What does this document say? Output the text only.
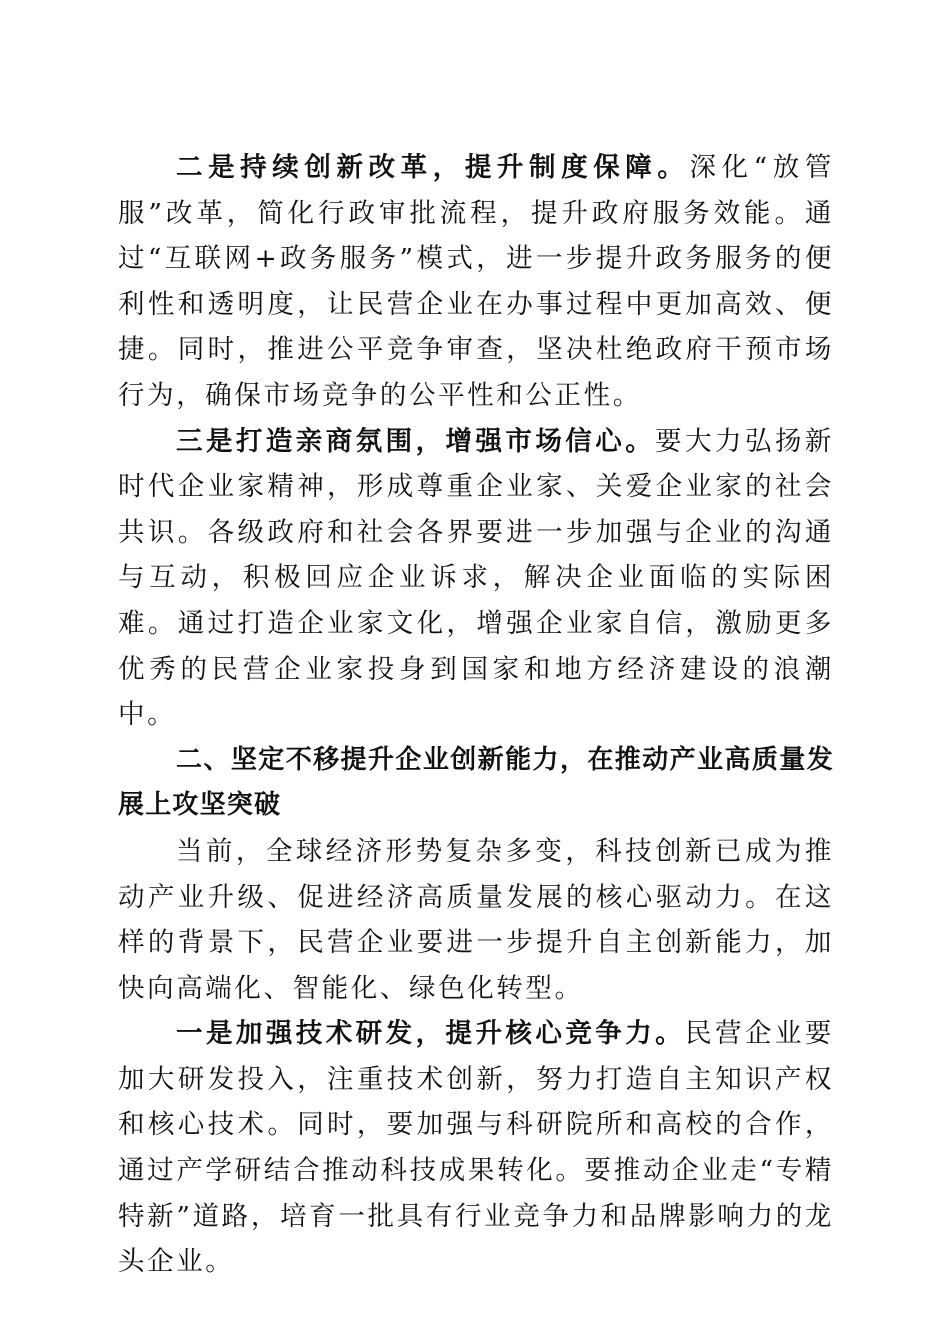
二是持续创新改革，提升制度保障。深化“放管服”改革，简化行政审批流程，提升政府服务效能。通过“互联网+政务服务”模式，进一步提升政务服务的便利性和透明度，让民营企业在办事过程中更加高效、便捷。同时，推进公平竞争审查，坚决杜绝政府干预市场行为，确保市场竞争的公平性和公正性。

三是打造亲商氛围，增强市场信心。要大力弘扬新时代企业家精神，形成尊重企业家、关爱企业家的社会共识。各级政府和社会各界要进一步加强与企业的沟通与互动，积极回应企业诉求，解决企业面临的实际困难。通过打造企业家文化，增强企业家自信，激励更多优秀的民营企业家投身到国家和地方经济建设的浪潮中。

二、坚定不移提升企业创新能力，在推动产业高质量发展上攻坚突破

当前，全球经济形势复杂多变，科技创新已成为推动产业升级、促进经济高质量发展的核心驱动力。在这样的背景下，民营企业要进一步提升自主创新能力，加快向高端化、智能化、绿色化转型。

一是加强技术研发，提升核心竞争力。民营企业要加大研发投入，注重技术创新，努力打造自主知识产权和核心技术。同时，要加强与科研院所和高校的合作，通过产学研结合推动科技成果转化。要推动企业走“专精特新”道路，培育一批具有行业竞争力和品牌影响力的龙头企业。
